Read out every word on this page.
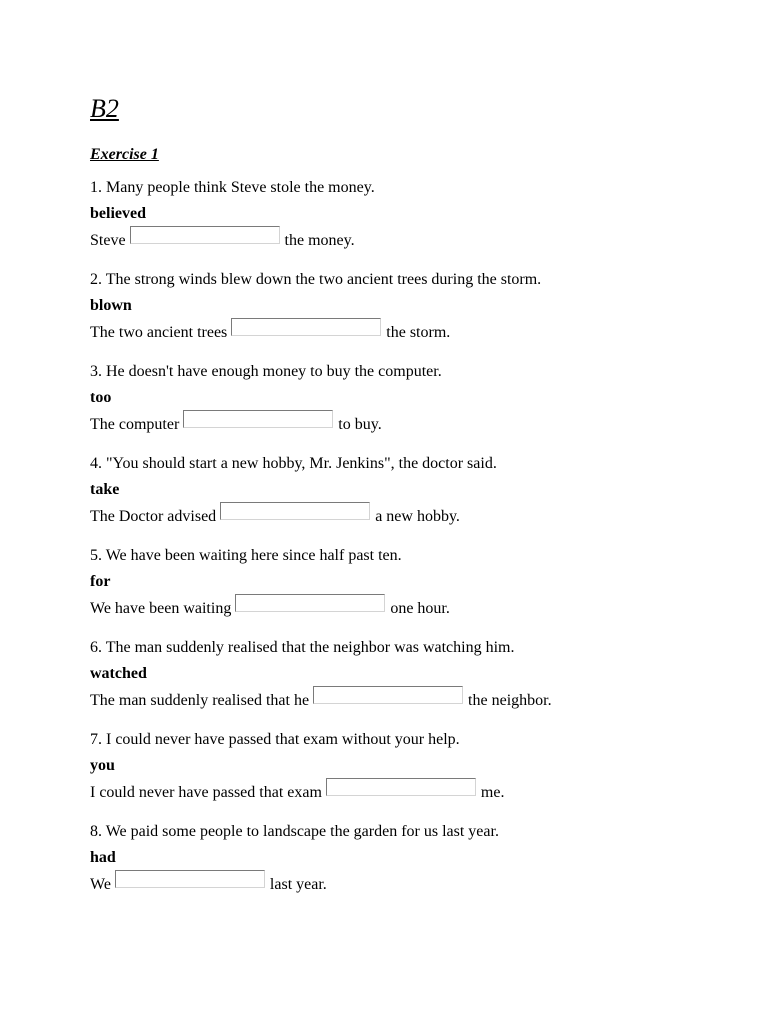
B2
Exercise 1
1. Many people think Steve stole the money.
believed
Steve	the money.
2. The strong winds blew down the two ancient trees during the storm.
blown
The two ancient trees	the storm.
3. He doesn't have enough money to buy the computer.
too
The computer	to buy.
4. "You should start a new hobby, Mr. Jenkins", the doctor said.
take
The Doctor advised	a new hobby.
5. We have been waiting here since half past ten.
for
We have been waiting	one hour.
6. The man suddenly realised that the neighbor was watching him.
watched
The man suddenly realised that he	the neighbor.
7. I could never have passed that exam without your help.
you
I could never have passed that exam	me.
8. We paid some people to landscape the garden for us last year.
had
We	last year.
